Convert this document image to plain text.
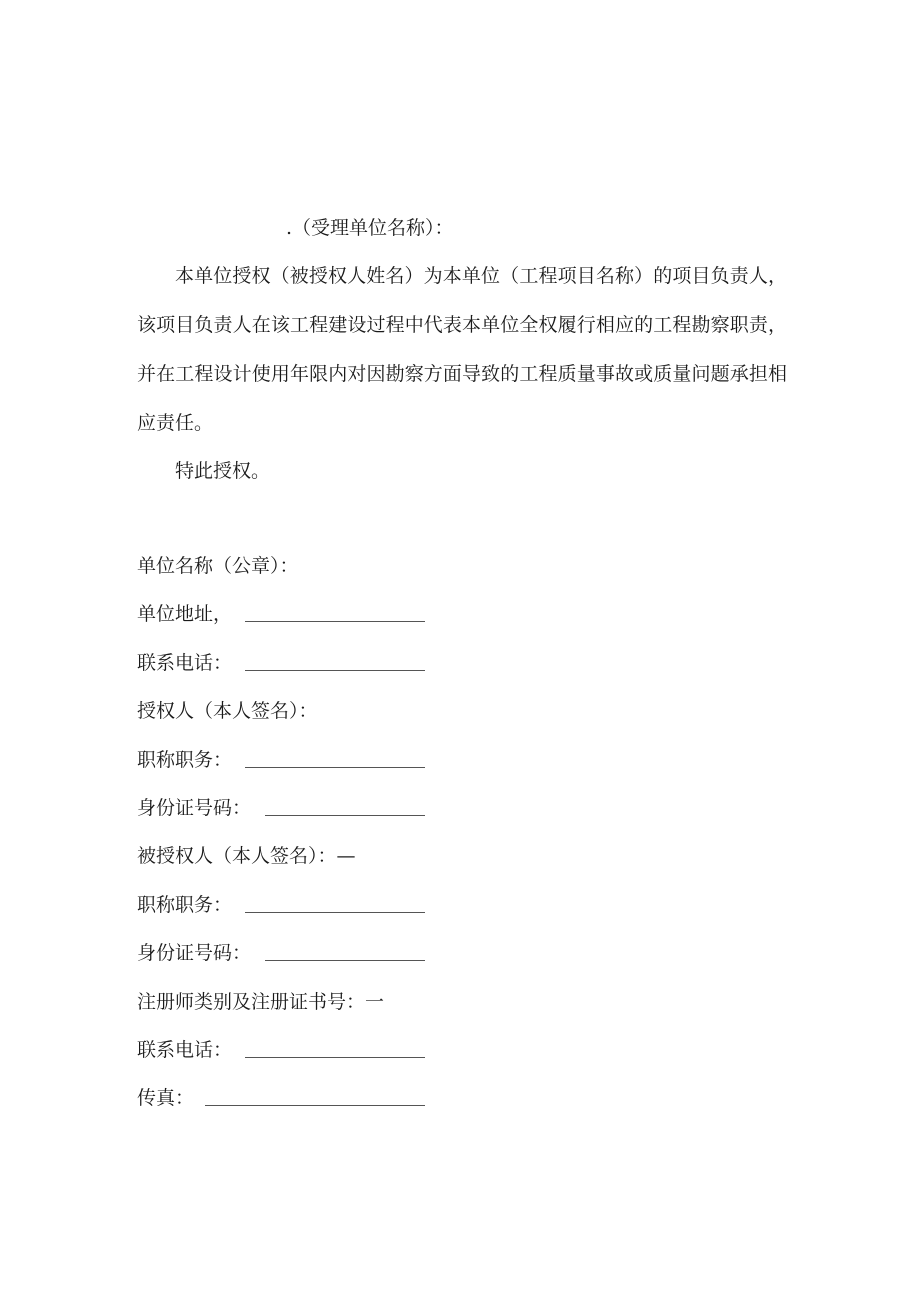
.（受理单位名称）：

本单位授权（被授权人姓名）为本单位（工程项目名称）的项目负责人，该项目负责人在该工程建设过程中代表本单位全权履行相应的工程勘察职责，并在工程设计使用年限内对因勘察方面导致的工程质量事故或质量问题承担相应责任。

特此授权。

单位名称（公章）：
单位地址，
联系电话：
授权人（本人签名）：
职称职务：
身份证号码：
被授权人（本人签名）：—
职称职务：
身份证号码：
注册师类别及注册证书号：一
联系电话：
传真：
